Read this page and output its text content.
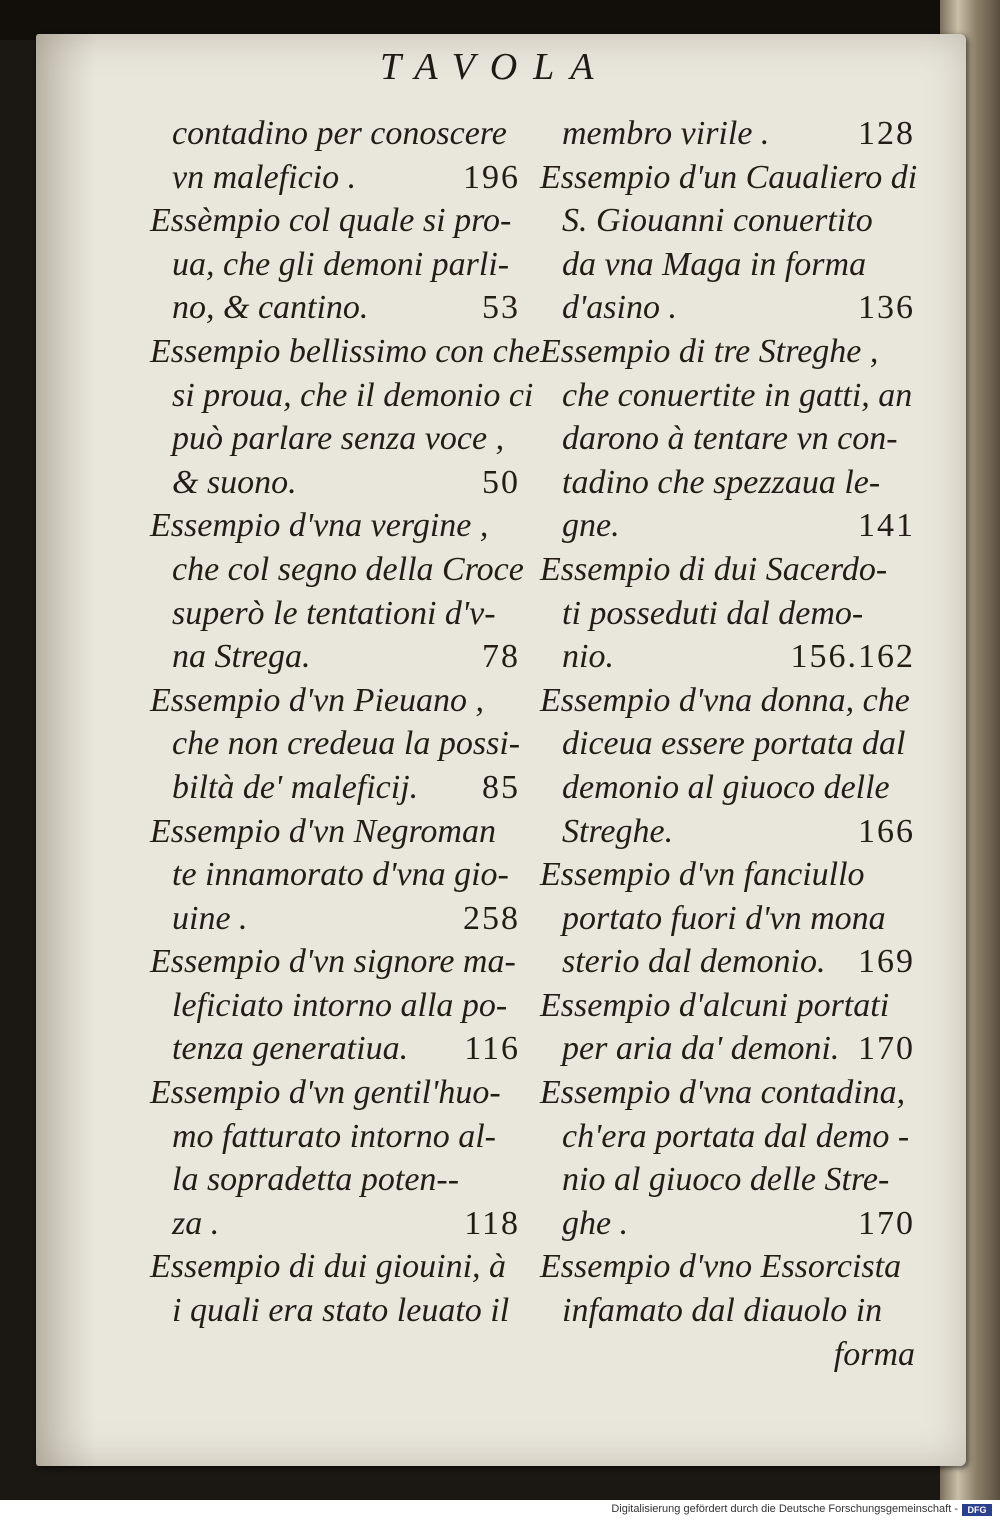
TAVOLA
contadino per conoscere
vn maleficio .	196
Essèmpio col quale si pro-
ua, che gli demoni parli-
no, & cantino.	53
Essempio bellissimo con che
si proua, che il demonio ci
può parlare senza voce ,
& suono.	50
Essempio d'vna vergine ,
che col segno della Croce
superò le tentationi d'v-
na Strega.	78
Essempio d'vn Pieuano ,
che non credeua la possi-
biltà de' maleficij. 85
Essempio d'vn Negroman
te innamorato d'vna gio-
uine .	258
Essempio d'vn signore ma-
leficiato intorno alla po-
tenza generatiua. 116
Essempio d'vn gentil'huo-
mo fatturato intorno al-
la sopradetta poten--
za .	118
Essempio di dui giouini, à
i quali era stato leuato il
membro virile .	128
Essempio d'un Caualiero di
S. Giouanni conuertito
da vna Maga in forma
d'asino .	136
Essempio di tre Streghe ,
che conuertite in gatti, an
darono à tentare vn con-
tadino che spezzaua le-
gne.	141
Essempio di dui Sacerdo-
ti posseduti dal demo-
nio.	156.162
Essempio d'vna donna, che
diceua essere portata dal
demonio al giuoco delle
Streghe.	166
Essempio d'vn fanciullo
portato fuori d'vn mona
sterio dal demonio. 169
Essempio d'alcuni portati
per aria da' demoni. 170
Essempio d'vna contadina,
ch'era portata dal demo -
nio al giuoco delle Stre-
ghe .	170
Essempio d'vno Essorcista
infamato dal diauolo in
forma
Digitalisierung gefördert durch die Deutsche Forschungsgemeinschaft -	DFG
